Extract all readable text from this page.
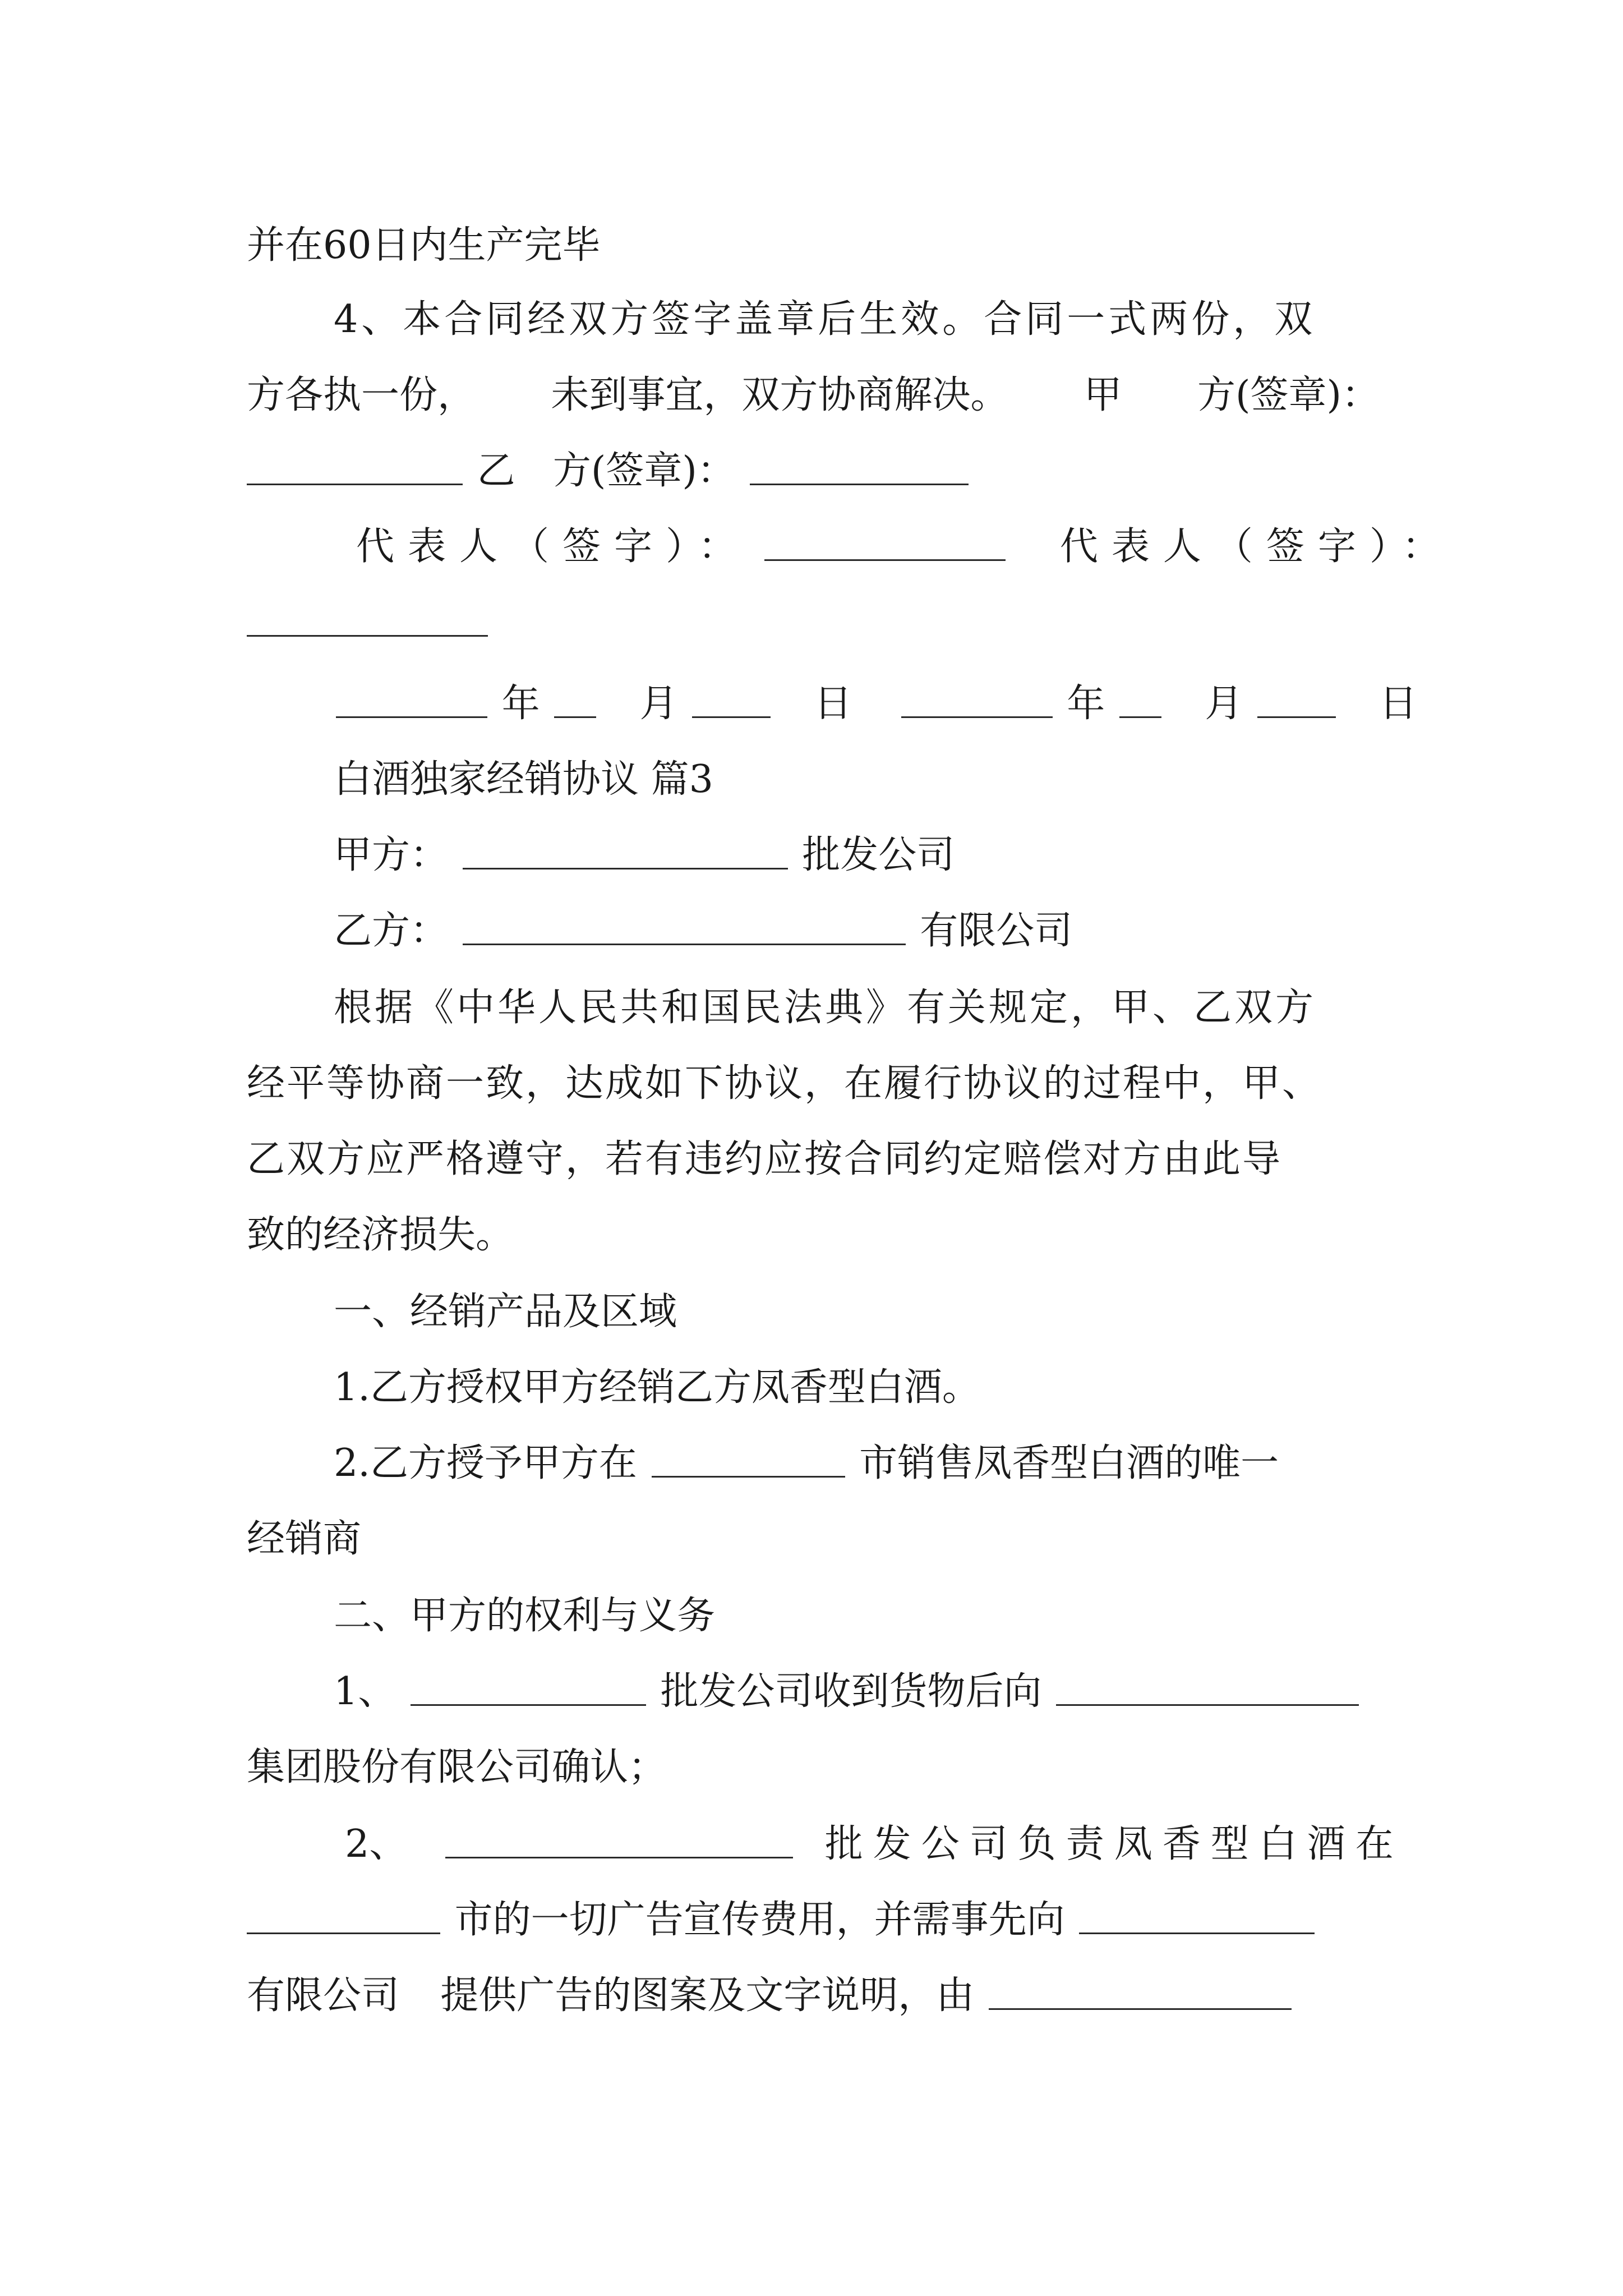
并在60日内生产完毕
4、本合同经双方签字盖章后生效。合同一式两份，双
方各执一份， 未到事宜，双方协商解决。 甲 方(签章)：
乙 方(签章)：
代表人（签字）：	代表人（签字）：
年	月	日	年	月	日
白酒独家经销协议 篇3
甲方：	批发公司
乙方：	有限公司
根据《中华人民共和国民法典》有关规定，甲、乙双方
经平等协商一致，达成如下协议，在履行协议的过程中，甲、
乙双方应严格遵守，若有违约应按合同约定赔偿对方由此导
致的经济损失。
一、经销产品及区域
1.乙方授权甲方经销乙方凤香型白酒。
2.乙方授予甲方在	市销售凤香型白酒的唯一
经销商
二、甲方的权利与义务
1、	批发公司收到货物后向
集团股份有限公司确认；
2、	批发公司负责凤香型白酒在
市的一切广告宣传费用，并需事先向
有限公司 提供广告的图案及文字说明，由
